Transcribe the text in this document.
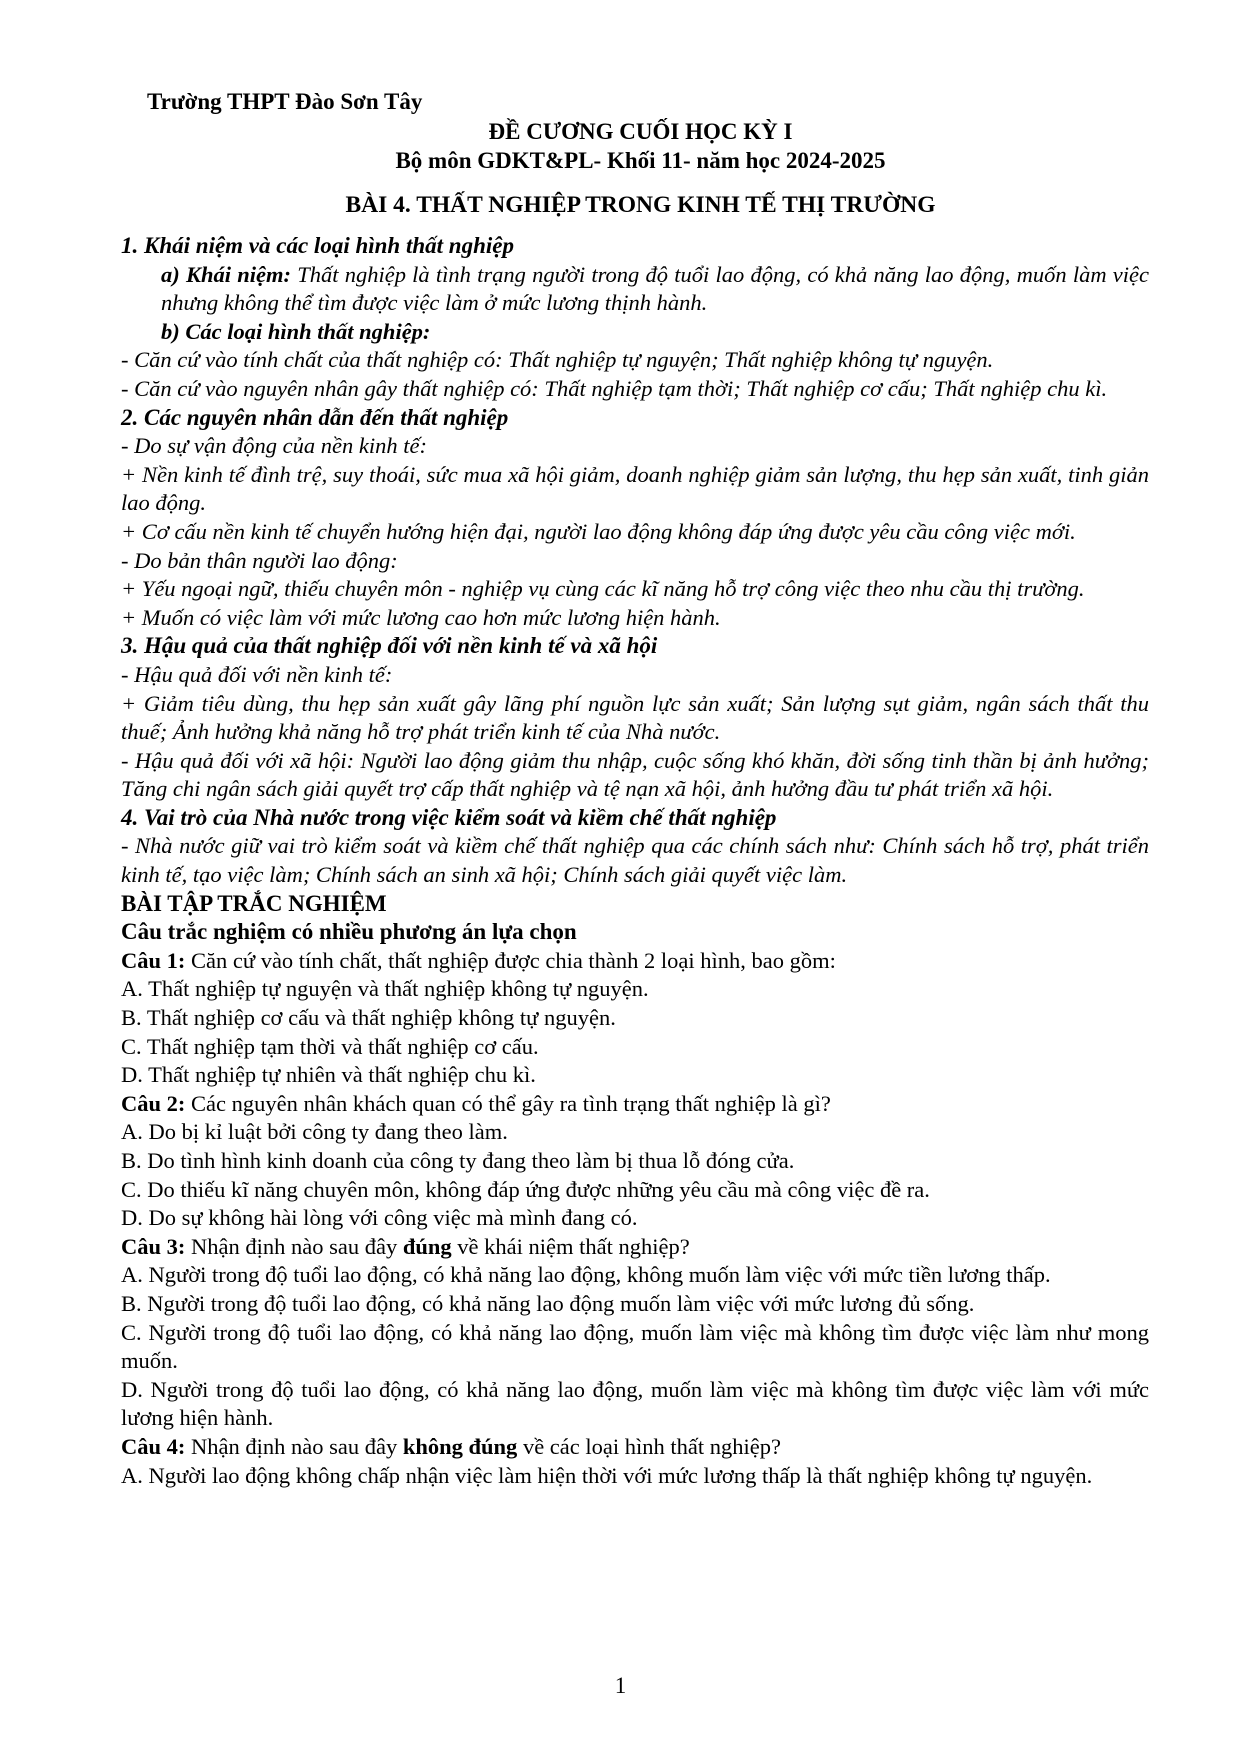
Trường THPT Đào Sơn Tây
ĐỀ CƯƠNG CUỐI HỌC KỲ I
Bộ môn GDKT&PL- Khối 11- năm học 2024-2025
BÀI 4. THẤT NGHIỆP TRONG KINH TẾ THỊ TRƯỜNG

1. Khái niệm và các loại hình thất nghiệp

a) Khái niệm: Thất nghiệp là tình trạng người trong độ tuổi lao động, có khả năng lao động, muốn làm việc nhưng không thể tìm được việc làm ở mức lương thịnh hành.

b) Các loại hình thất nghiệp:

- Căn cứ vào tính chất của thất nghiệp có: Thất nghiệp tự nguyện; Thất nghiệp không tự nguyện.

- Căn cứ vào nguyên nhân gây thất nghiệp có: Thất nghiệp tạm thời; Thất nghiệp cơ cấu; Thất nghiệp chu kì.

2. Các nguyên nhân dẫn đến thất nghiệp

- Do sự vận động của nền kinh tế:

+ Nền kinh tế đình trệ, suy thoái, sức mua xã hội giảm, doanh nghiệp giảm sản lượng, thu hẹp sản xuất, tinh giản lao động.

+ Cơ cấu nền kinh tế chuyển hướng hiện đại, người lao động không đáp ứng được yêu cầu công việc mới.

- Do bản thân người lao động:

+ Yếu ngoại ngữ, thiếu chuyên môn - nghiệp vụ cùng các kĩ năng hỗ trợ công việc theo nhu cầu thị trường.

+ Muốn có việc làm với mức lương cao hơn mức lương hiện hành.

3. Hậu quả của thất nghiệp đối với nền kinh tế và xã hội

- Hậu quả đối với nền kinh tế:

+ Giảm tiêu dùng, thu hẹp sản xuất gây lãng phí nguồn lực sản xuất; Sản lượng sụt giảm, ngân sách thất thu thuế; Ảnh hưởng khả năng hỗ trợ phát triển kinh tế của Nhà nước.

- Hậu quả đối với xã hội: Người lao động giảm thu nhập, cuộc sống khó khăn, đời sống tinh thần bị ảnh hưởng; Tăng chi ngân sách giải quyết trợ cấp thất nghiệp và tệ nạn xã hội, ảnh hưởng đầu tư phát triển xã hội.

4. Vai trò của Nhà nước trong việc kiểm soát và kiềm chế thất nghiệp

- Nhà nước giữ vai trò kiểm soát và kiềm chế thất nghiệp qua các chính sách như: Chính sách hỗ trợ, phát triển kinh tế, tạo việc làm; Chính sách an sinh xã hội; Chính sách giải quyết việc làm.

BÀI TẬP TRẮC NGHIỆM

Câu trắc nghiệm có nhiều phương án lựa chọn

Câu 1: Căn cứ vào tính chất, thất nghiệp được chia thành 2 loại hình, bao gồm:

A. Thất nghiệp tự nguyện và thất nghiệp không tự nguyện.

B. Thất nghiệp cơ cấu và thất nghiệp không tự nguyện.

C. Thất nghiệp tạm thời và thất nghiệp cơ cấu.

D. Thất nghiệp tự nhiên và thất nghiệp chu kì.

Câu 2: Các nguyên nhân khách quan có thể gây ra tình trạng thất nghiệp là gì?

A. Do bị kỉ luật bởi công ty đang theo làm.

B. Do tình hình kinh doanh của công ty đang theo làm bị thua lỗ đóng cửa.

C. Do thiếu kĩ năng chuyên môn, không đáp ứng được những yêu cầu mà công việc đề ra.

D. Do sự không hài lòng với công việc mà mình đang có.

Câu 3: Nhận định nào sau đây đúng về khái niệm thất nghiệp?

A. Người trong độ tuổi lao động, có khả năng lao động, không muốn làm việc với mức tiền lương thấp.

B. Người trong độ tuổi lao động, có khả năng lao động muốn làm việc với mức lương đủ sống.

C. Người trong độ tuổi lao động, có khả năng lao động, muốn làm việc mà không tìm được việc làm như mong muốn.

D. Người trong độ tuổi lao động, có khả năng lao động, muốn làm việc mà không tìm được việc làm với mức lương hiện hành.

Câu 4: Nhận định nào sau đây không đúng về các loại hình thất nghiệp?

A. Người lao động không chấp nhận việc làm hiện thời với mức lương thấp là thất nghiệp không tự nguyện.

1
